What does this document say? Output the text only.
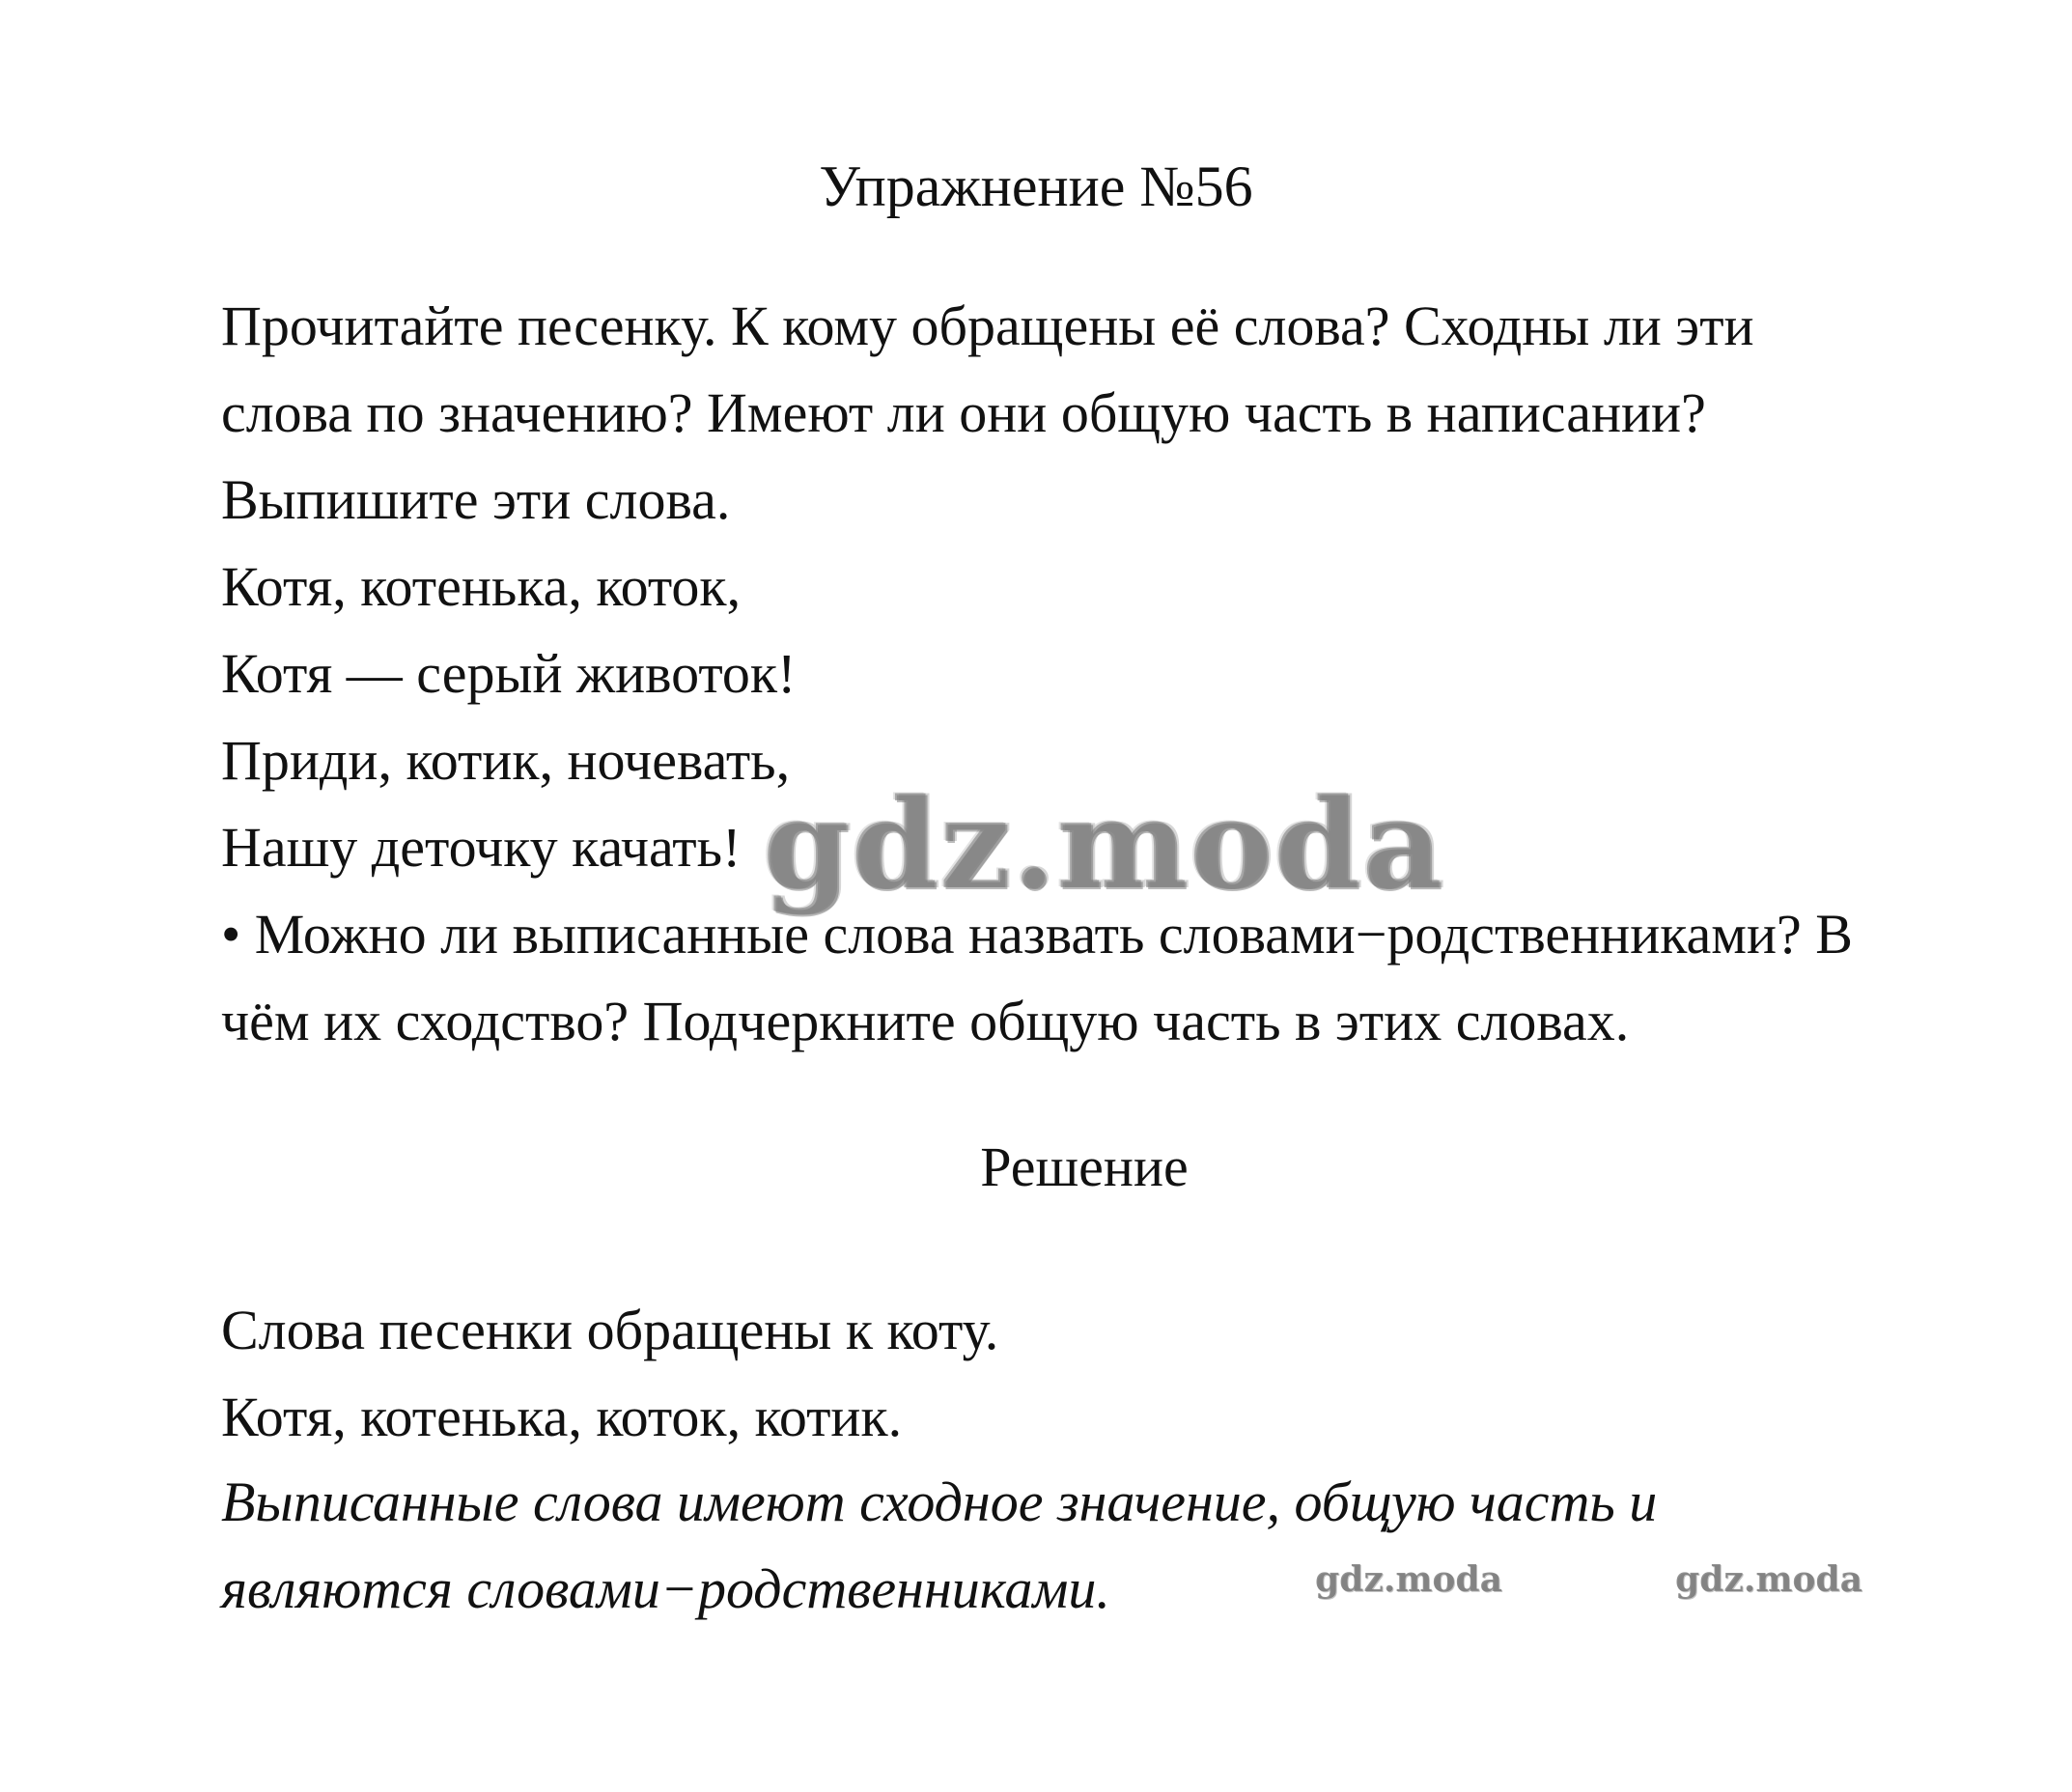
Упражнение №56

Прочитайте песенку. К кому обращены её слова? Сходны ли эти

слова по значению? Имеют ли они общую часть в написании?

Выпишите эти слова.

Котя, котенька, коток,

Котя — серый животок!

Приди, котик, ночевать,

Нашу деточку качать!

• Можно ли выписанные слова назвать словами−родственниками? В

чём их сходство? Подчеркните общую часть в этих словах.

Решение

Слова песенки обращены к коту.

Котя, котенька, коток, котик.

Выписанные слова имеют сходное значение, общую часть и

являются словами−родственниками.

gdz.moda
gdz.moda	gdz.moda
